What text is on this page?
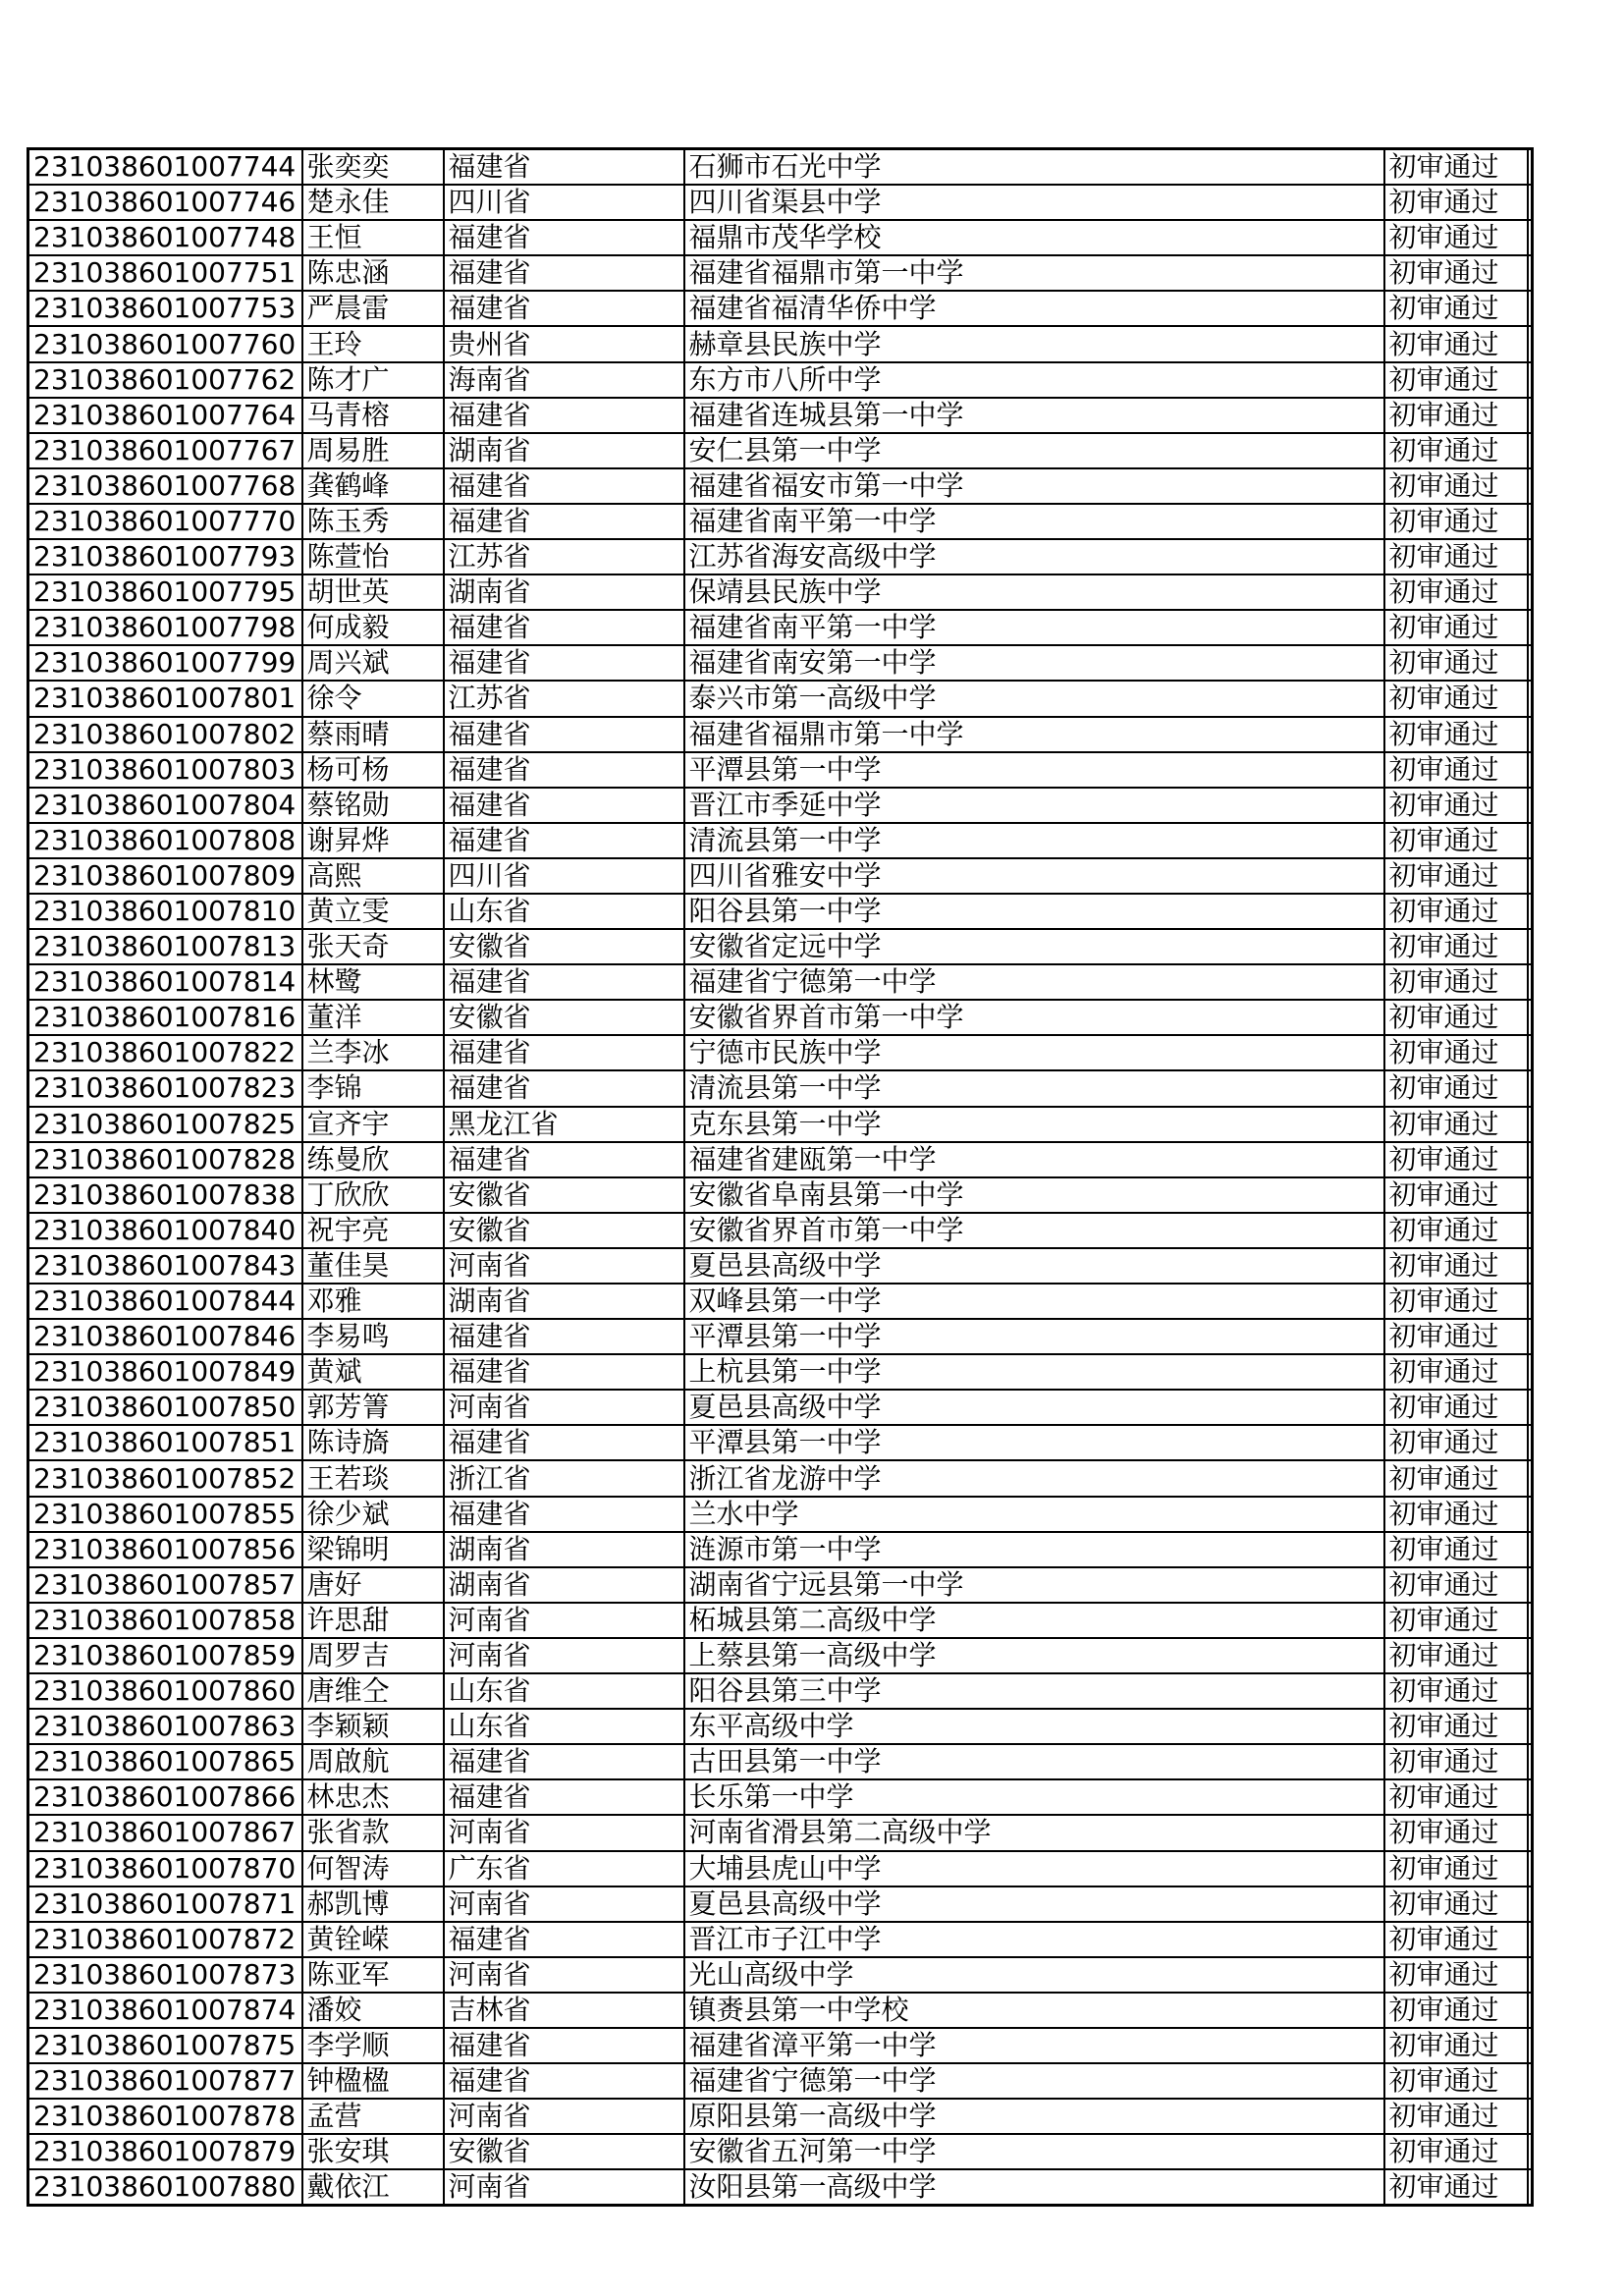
231038601007744	张奕奕	福建省	石狮市石光中学	初审通过	
231038601007746	楚永佳	四川省	四川省渠县中学	初审通过	
231038601007748	王恒	福建省	福鼎市茂华学校	初审通过	
231038601007751	陈忠涵	福建省	福建省福鼎市第一中学	初审通过	
231038601007753	严晨雷	福建省	福建省福清华侨中学	初审通过	
231038601007760	王玲	贵州省	赫章县民族中学	初审通过	
231038601007762	陈才广	海南省	东方市八所中学	初审通过	
231038601007764	马青榕	福建省	福建省连城县第一中学	初审通过	
231038601007767	周易胜	湖南省	安仁县第一中学	初审通过	
231038601007768	龚鹤峰	福建省	福建省福安市第一中学	初审通过	
231038601007770	陈玉秀	福建省	福建省南平第一中学	初审通过	
231038601007793	陈萱怡	江苏省	江苏省海安高级中学	初审通过	
231038601007795	胡世英	湖南省	保靖县民族中学	初审通过	
231038601007798	何成毅	福建省	福建省南平第一中学	初审通过	
231038601007799	周兴斌	福建省	福建省南安第一中学	初审通过	
231038601007801	徐令	江苏省	泰兴市第一高级中学	初审通过	
231038601007802	蔡雨晴	福建省	福建省福鼎市第一中学	初审通过	
231038601007803	杨可杨	福建省	平潭县第一中学	初审通过	
231038601007804	蔡铭勋	福建省	晋江市季延中学	初审通过	
231038601007808	谢昇烨	福建省	清流县第一中学	初审通过	
231038601007809	高熙	四川省	四川省雅安中学	初审通过	
231038601007810	黄立雯	山东省	阳谷县第一中学	初审通过	
231038601007813	张天奇	安徽省	安徽省定远中学	初审通过	
231038601007814	林鹭	福建省	福建省宁德第一中学	初审通过	
231038601007816	董洋	安徽省	安徽省界首市第一中学	初审通过	
231038601007822	兰李冰	福建省	宁德市民族中学	初审通过	
231038601007823	李锦	福建省	清流县第一中学	初审通过	
231038601007825	宣齐宇	黑龙江省	克东县第一中学	初审通过	
231038601007828	练曼欣	福建省	福建省建瓯第一中学	初审通过	
231038601007838	丁欣欣	安徽省	安徽省阜南县第一中学	初审通过	
231038601007840	祝宇亮	安徽省	安徽省界首市第一中学	初审通过	
231038601007843	董佳昊	河南省	夏邑县高级中学	初审通过	
231038601007844	邓雅	湖南省	双峰县第一中学	初审通过	
231038601007846	李易鸣	福建省	平潭县第一中学	初审通过	
231038601007849	黄斌	福建省	上杭县第一中学	初审通过	
231038601007850	郭芳箐	河南省	夏邑县高级中学	初审通过	
231038601007851	陈诗旖	福建省	平潭县第一中学	初审通过	
231038601007852	王若琰	浙江省	浙江省龙游中学	初审通过	
231038601007855	徐少斌	福建省	兰水中学	初审通过	
231038601007856	梁锦明	湖南省	涟源市第一中学	初审通过	
231038601007857	唐好	湖南省	湖南省宁远县第一中学	初审通过	
231038601007858	许思甜	河南省	柘城县第二高级中学	初审通过	
231038601007859	周罗吉	河南省	上蔡县第一高级中学	初审通过	
231038601007860	唐维仝	山东省	阳谷县第三中学	初审通过	
231038601007863	李颖颖	山东省	东平高级中学	初审通过	
231038601007865	周啟航	福建省	古田县第一中学	初审通过	
231038601007866	林忠杰	福建省	长乐第一中学	初审通过	
231038601007867	张省款	河南省	河南省滑县第二高级中学	初审通过	
231038601007870	何智涛	广东省	大埔县虎山中学	初审通过	
231038601007871	郝凯博	河南省	夏邑县高级中学	初审通过	
231038601007872	黄铨嵘	福建省	晋江市子江中学	初审通过	
231038601007873	陈亚军	河南省	光山高级中学	初审通过	
231038601007874	潘姣	吉林省	镇赉县第一中学校	初审通过	
231038601007875	李学顺	福建省	福建省漳平第一中学	初审通过	
231038601007877	钟楹楹	福建省	福建省宁德第一中学	初审通过	
231038601007878	孟营	河南省	原阳县第一高级中学	初审通过	
231038601007879	张安琪	安徽省	安徽省五河第一中学	初审通过	
231038601007880	戴依江	河南省	汝阳县第一高级中学	初审通过	
